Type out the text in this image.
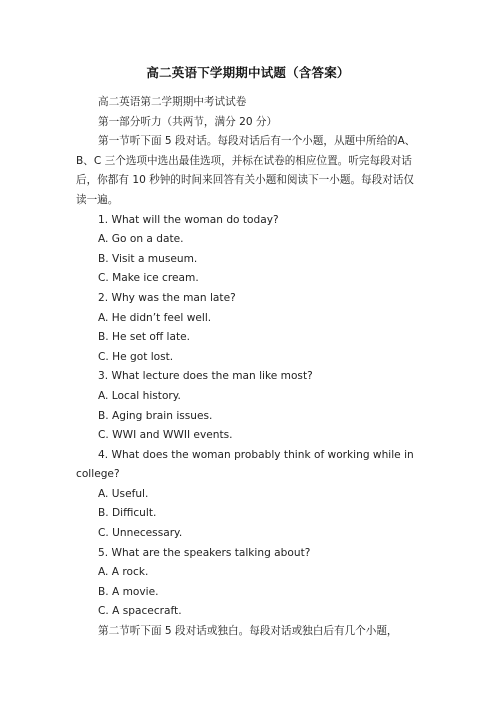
高二英语下学期期中试题（含答案）

高二英语第二学期期中考试试卷

第一部分听力（共两节，满分 20 分）

第一节听下面 5 段对话。每段对话后有一个小题，从题中所给的A、B、C 三个选项中选出最佳选项，并标在试卷的相应位置。听完每段对话后，你都有 10 秒钟的时间来回答有关小题和阅读下一小题。每段对话仅读一遍。

1. What will the woman do today?

A. Go on a date.

B. Visit a museum.

C. Make ice cream.

2. Why was the man late?

A. He didn’t feel well.

B. He set off late.

C. He got lost.

3. What lecture does the man like most?

A. Local history.

B. Aging brain issues.

C. WWI and WWII events.

4. What does the woman probably think of working while in college?

A. Useful.

B. Difficult.

C. Unnecessary.

5. What are the speakers talking about?

A. A rock.

B. A movie.

C. A spacecraft.

第二节听下面 5 段对话或独白。每段对话或独白后有几个小题，
